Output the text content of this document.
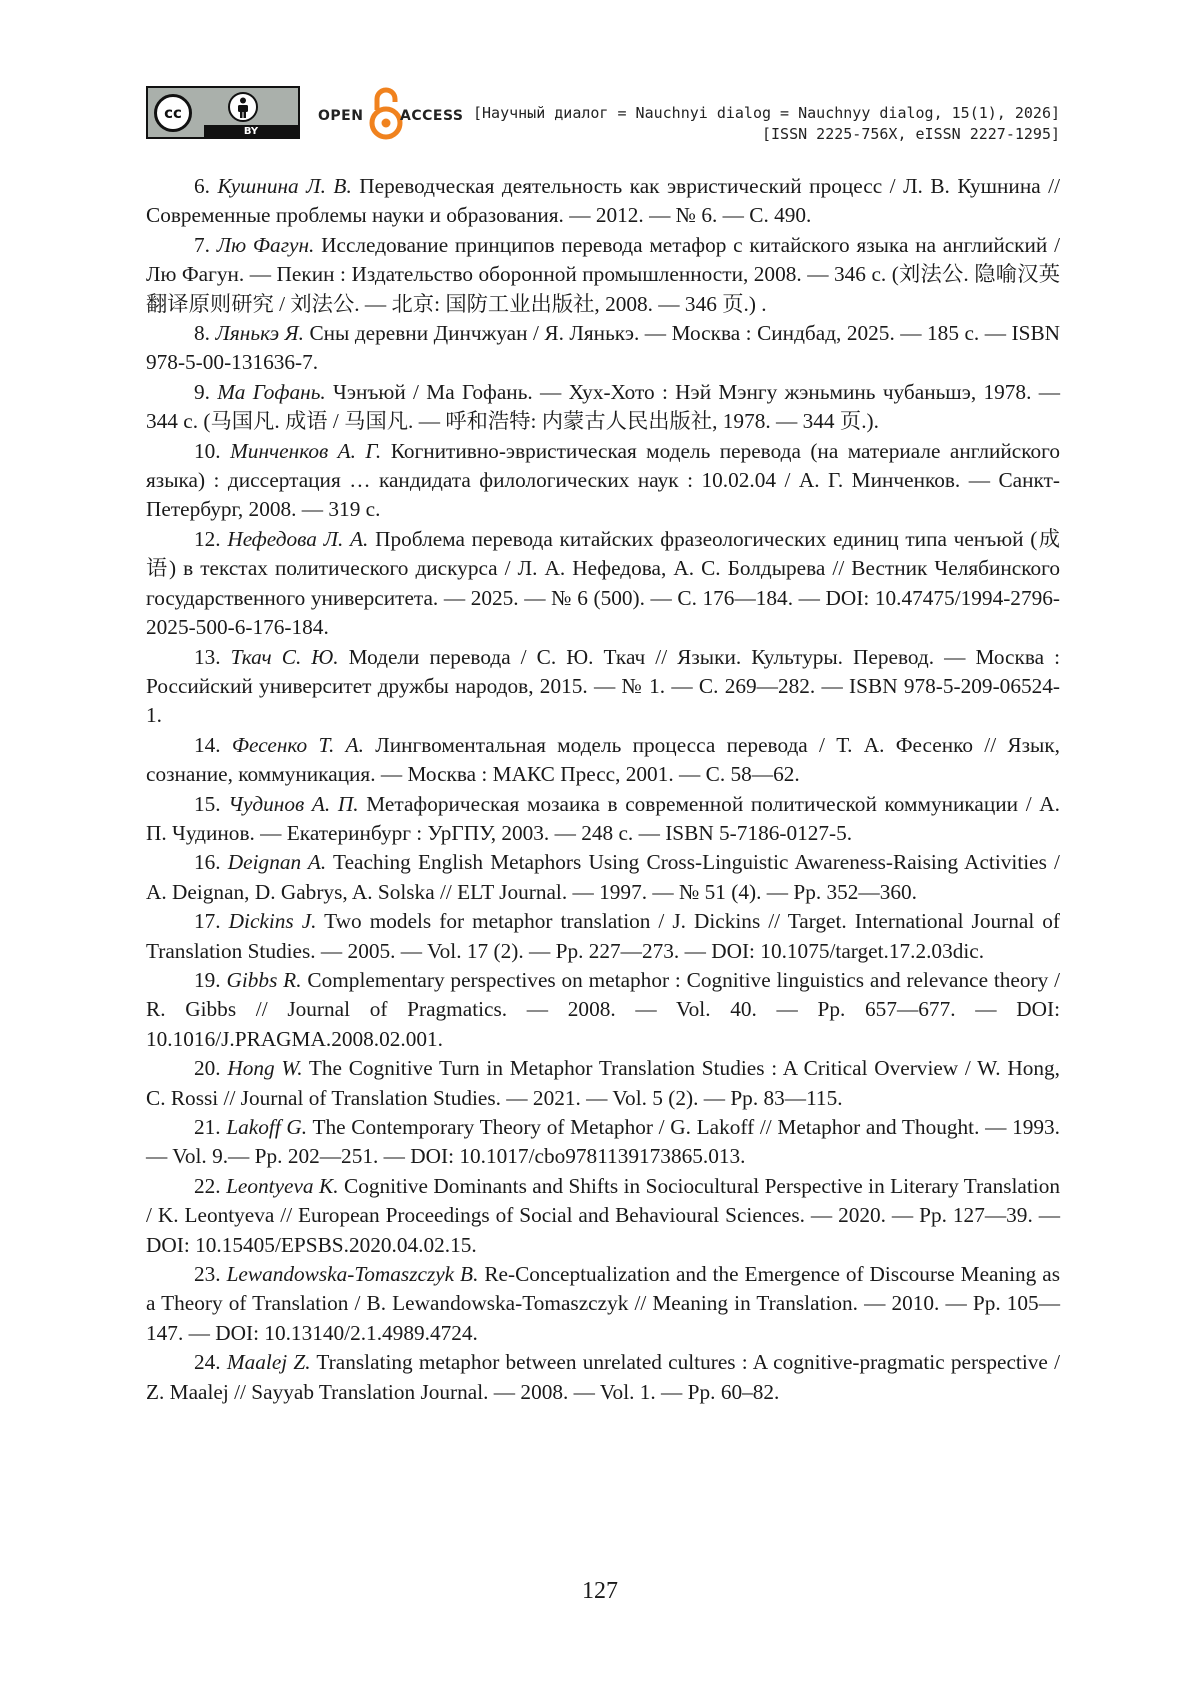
cc
BY
OPEN	ACCESS [Научный диалог = Nauchnyi dialog = Nauchnyy dialog, 15(1), 2026]
[ISSN 2225-756X, eISSN 2227-1295]

6. Кушнина Л. В. Переводческая деятельность как эвристический процесс / Л. В. Кушнина // Современные проблемы науки и образования. — 2012. — № 6. — С. 490.

7. Лю Фагун. Исследование принципов перевода метафор с китайского языка на английский / Лю Фагун. — Пекин : Издательство оборонной промышленности, 2008. — 346 с. (刘法公. 隐喻汉英翻译原则研究 / 刘法公. — 北京: 国防工业出版社, 2008. — 346 页.) .

8. Лянькэ Я. Сны деревни Динчжуан / Я. Лянькэ. — Москва : Синдбад, 2025. — 185 с. — ISBN 978-5-00-131636-7.

9. Ма Гофань. Чэнъюй / Ма Гофань. — Хух-Хото : Нэй Мэнгу жэньминь чубаньшэ, 1978. — 344 с. (马国凡. 成语 / 马国凡. — 呼和浩特: 内蒙古人民出版社, 1978. — 344 页.).

10. Минченков А. Г. Когнитивно-эвристическая модель перевода (на материале английского языка) : диссертация … кандидата филологических наук : 10.02.04 / А. Г. Минченков. — Санкт-Петербург, 2008. — 319 с.

12. Нефедова Л. А. Проблема перевода китайских фразеологических единиц типа ченъюй (成语) в текстах политического дискурса / Л. А. Нефедова, А. С. Болдырева // Вестник Челябинского государственного университета. — 2025. — № 6 (500). — С. 176—184. — DOI: 10.47475/1994-2796-2025-500-6-176-184.

13. Ткач С. Ю. Модели перевода / С. Ю. Ткач // Языки. Культуры. Перевод. — Москва : Российский университет дружбы народов, 2015. — № 1. — С. 269—282. — ISBN 978-5-209-06524-1.

14. Фесенко Т. А. Лингвоментальная модель процесса перевода / Т. А. Фесенко // Язык, сознание, коммуникация. — Москва : МАКС Пресс, 2001. — С. 58—62.

15. Чудинов А. П. Метафорическая мозаика в современной политической коммуникации / А. П. Чудинов. — Екатеринбург : УрГПУ, 2003. — 248 с. — ISBN 5-7186-0127-5.

16. Deignan A. Teaching English Metaphors Using Cross-Linguistic Awareness-Raising Activities / A. Deignan, D. Gabrys, A. Solska // ELT Journal. — 1997. — № 51 (4). — Pp. 352—360.

17. Dickins J. Two models for metaphor translation / J. Dickins // Target. International Journal of Translation Studies. — 2005. — Vol. 17 (2). — Pp. 227—273. — DOI: 10.1075/target.17.2.03dic.

19. Gibbs R. Complementary perspectives on metaphor : Cognitive linguistics and relevance theory / R. Gibbs // Journal of Pragmatics. — 2008. — Vol. 40. — Pp. 657—677. — DOI: 10.1016/J.PRAGMA.2008.02.001.

20. Hong W. The Cognitive Turn in Metaphor Translation Studies : A Critical Overview / W. Hong, C. Rossi // Journal of Translation Studies. — 2021. — Vol. 5 (2). — Pp. 83—115.

21. Lakoff G. The Contemporary Theory of Metaphor / G. Lakoff // Metaphor and Thought. — 1993. — Vol. 9.— Pp. 202—251. — DOI: 10.1017/cbo9781139173865.013.

22. Leontyeva K. Cognitive Dominants and Shifts in Sociocultural Perspective in Literary Translation / K. Leontyeva // European Proceedings of Social and Behavioural Sciences. — 2020. — Pp. 127—39. — DOI: 10.15405/EPSBS.2020.04.02.15.

23. Lewandowska-Tomaszczyk B. Re-Conceptualization and the Emergence of Discourse Meaning as a Theory of Translation / B. Lewandowska-Tomaszczyk // Meaning in Translation. — 2010. — Pp. 105—147. — DOI: 10.13140/2.1.4989.4724.

24. Maalej Z. Translating metaphor between unrelated cultures : A cognitive-pragmatic perspective / Z. Maalej // Sayyab Translation Journal. — 2008. — Vol. 1. — Pp. 60–82.

127
